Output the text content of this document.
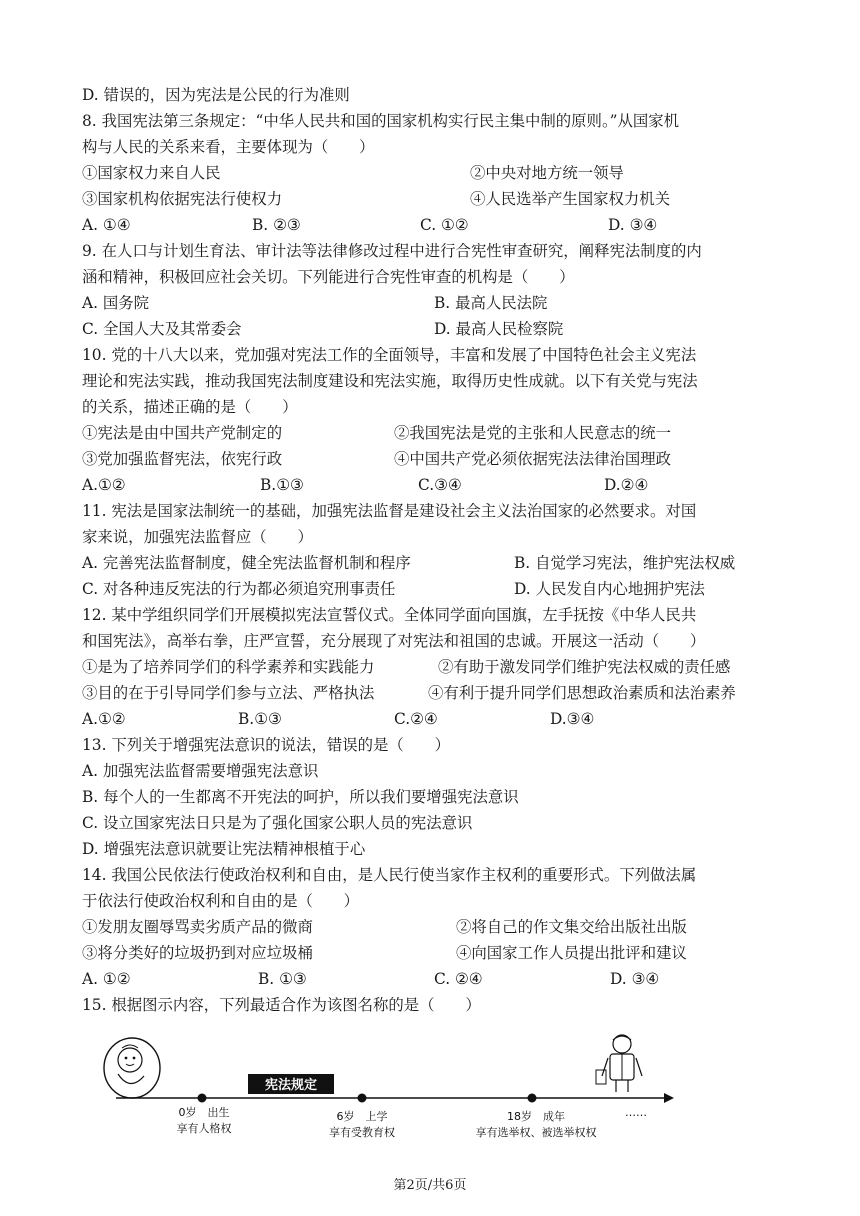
D. 错误的，因为宪法是公民的行为准则
8. 我国宪法第三条规定：“中华人民共和国的国家机构实行民主集中制的原则。”从国家机
构与人民的关系来看，主要体现为（　　）
①国家权力来自人民	②中央对地方统一领导
③国家机构依据宪法行使权力	④人民选举产生国家权力机关
A. ①④	B. ②③	C. ①②	D. ③④
9. 在人口与计划生育法、审计法等法律修改过程中进行合宪性审查研究，阐释宪法制度的内
涵和精神，积极回应社会关切。下列能进行合宪性审查的机构是（　　）
A. 国务院	B. 最高人民法院
C. 全国人大及其常委会	D. 最高人民检察院
10. 党的十八大以来，党加强对宪法工作的全面领导，丰富和发展了中国特色社会主义宪法
理论和宪法实践，推动我国宪法制度建设和宪法实施，取得历史性成就。以下有关党与宪法
的关系，描述正确的是（　　）
①宪法是由中国共产党制定的	②我国宪法是党的主张和人民意志的统一
③党加强监督宪法，依宪行政	④中国共产党必须依据宪法法律治国理政
A.①②	B.①③	C.③④	D.②④
11. 宪法是国家法制统一的基础，加强宪法监督是建设社会主义法治国家的必然要求。对国
家来说，加强宪法监督应（　　）
A. 完善宪法监督制度，健全宪法监督机制和程序	B. 自觉学习宪法，维护宪法权威
C. 对各种违反宪法的行为都必须追究刑事责任	D. 人民发自内心地拥护宪法
12. 某中学组织同学们开展模拟宪法宣誓仪式。全体同学面向国旗，左手抚按《中华人民共
和国宪法》，高举右拳，庄严宣誓，充分展现了对宪法和祖国的忠诚。开展这一活动（　　）
①是为了培养同学们的科学素养和实践能力	②有助于激发同学们维护宪法权威的责任感
③目的在于引导同学们参与立法、严格执法	④有利于提升同学们思想政治素质和法治素养
A.①②	B.①③	C.②④	D.③④
13. 下列关于增强宪法意识的说法，错误的是（　　）
A. 加强宪法监督需要增强宪法意识
B. 每个人的一生都离不开宪法的呵护，所以我们要增强宪法意识
C. 设立国家宪法日只是为了强化国家公职人员的宪法意识
D. 增强宪法意识就要让宪法精神根植于心
14. 我国公民依法行使政治权利和自由，是人民行使当家作主权利的重要形式。下列做法属
于依法行使政治权利和自由的是（　　）
①发朋友圈辱骂卖劣质产品的微商	②将自己的作文集交给出版社出版
③将分类好的垃圾扔到对应垃圾桶	④向国家工作人员提出批评和建议
A. ①②	B. ①③	C. ②④	D. ③④
15. 根据图示内容，下列最适合作为该图名称的是（　　）
宪法规定
0岁　出生
享有人格权
6岁　上学
享有受教育权
18岁　成年
享有选举权、被选举权权
……
第2页/共6页
